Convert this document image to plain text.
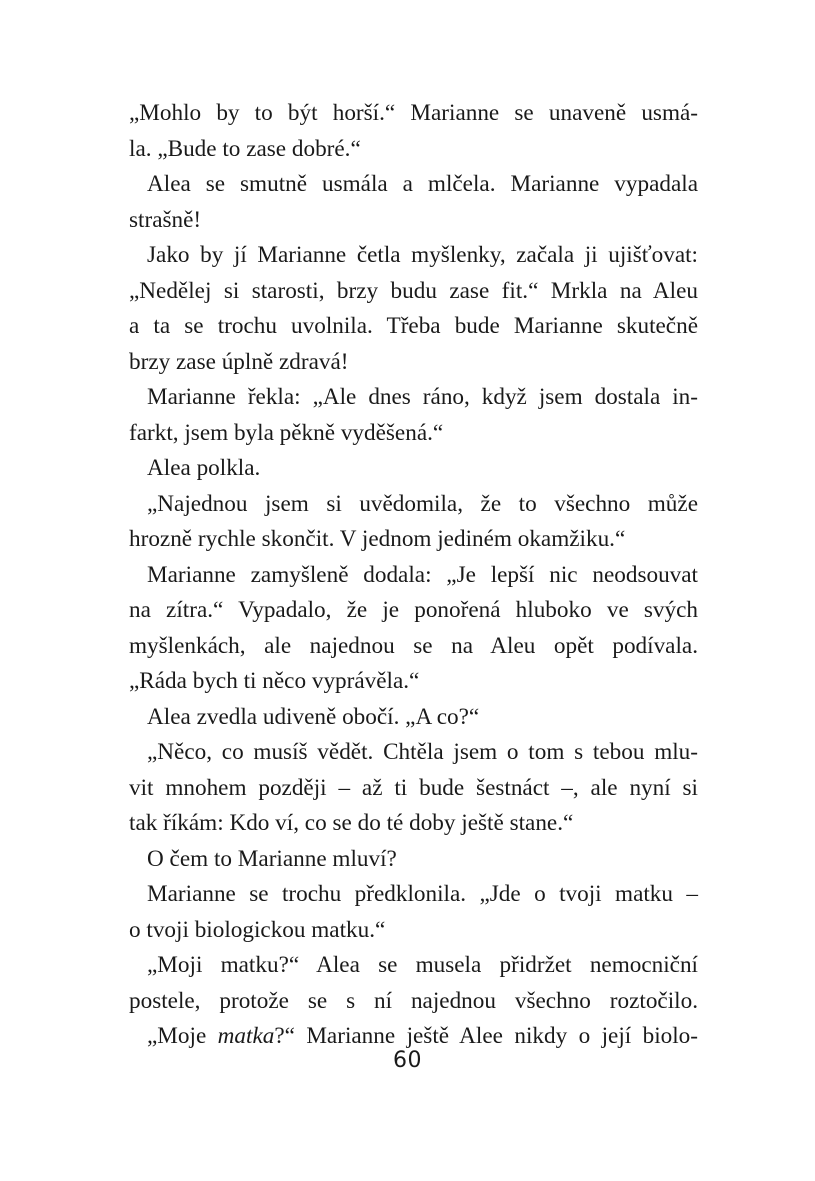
„Mohlo by to být horší.“ Marianne se unaveně usmá-
la. „Bude to zase dobré.“
Alea se smutně usmála a mlčela. Marianne vypadala
strašně!
Jako by jí Marianne četla myšlenky, začala ji ujišťovat:
„Nedělej si starosti, brzy budu zase fit.“ Mrkla na Aleu
a ta se trochu uvolnila. Třeba bude Marianne skutečně
brzy zase úplně zdravá!
Marianne řekla: „Ale dnes ráno, když jsem dostala in-
farkt, jsem byla pěkně vyděšená.“
Alea polkla.
„Najednou jsem si uvědomila, že to všechno může
hrozně rychle skončit. V jednom jediném okamžiku.“
Marianne zamyšleně dodala: „Je lepší nic neodsouvat
na zítra.“ Vypadalo, že je ponořená hluboko ve svých
myšlenkách, ale najednou se na Aleu opět podívala.
„Ráda bych ti něco vyprávěla.“
Alea zvedla udiveně obočí. „A co?“
„Něco, co musíš vědět. Chtěla jsem o tom s tebou mlu-
vit mnohem později – až ti bude šestnáct –, ale nyní si
tak říkám: Kdo ví, co se do té doby ještě stane.“
O čem to Marianne mluví?
Marianne se trochu předklonila. „Jde o tvoji matku –
o tvoji biologickou matku.“
„Moji matku?“ Alea se musela přidržet nemocniční
postele, protože se s ní najednou všechno roztočilo.
„Moje matka?“ Marianne ještě Alee nikdy o její biolo-
60
